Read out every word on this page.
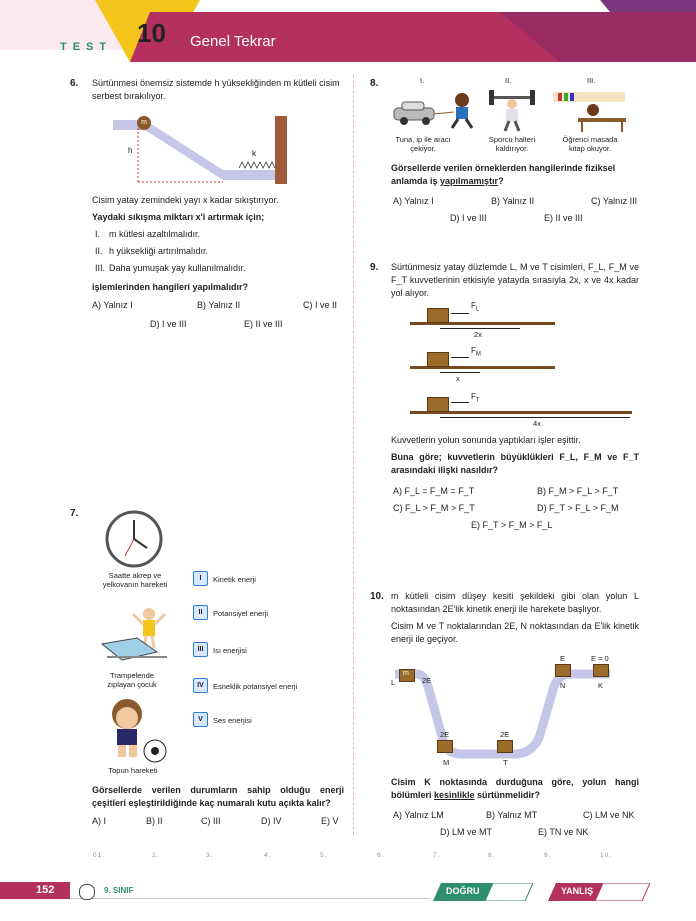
TEST 10 Genel Tekrar
6. Sürtünmesi önemsiz sistemde h yüksekliğinden m kütleli cisim serbest bırakılıyor.
m
h	k
Cisim yatay zemindeki yayı x kadar sıkıştırıyor.
Yaydaki sıkışma miktarı x'i artırmak için;
I. m kütlesi azaltılmalıdır.
II. h yüksekliği artırılmalıdır.
III. Daha yumuşak yay kullanılmalıdır.
işlemlerinden hangileri yapılmalıdır?
A) Yalnız I	B) Yalnız II	C) I ve II
D) I ve III	E) II ve III
7.
Saatte akrep ve yelkovanın hareketi
Trampelende zıplayan çocuk
Topun hareketi
I	Kinetik enerji
II	Potansiyel enerji
III	Isı enerjisi
IV	Esneklik potansiyel enerji
V	Ses enerjisi
Görsellerde verilen durumların sahip olduğu enerji çeşitleri eşleştirildiğinde kaç numaralı kutu açıkta kalır?
A) I	B) II	C) III	D) IV	E) V
8.	I.	II.	III.
Tuna, ip ile aracı çekiyor.
Sporcu halteri kaldırıyor.
Öğrenci masada kitap okuyor.
Görsellerde verilen örneklerden hangilerinde fiziksel anlamda iş yapılmamıştır?
A) Yalnız I	B) Yalnız II	C) Yalnız III
D) I ve III	E) II ve III
9. Sürtünmesiz yatay düzlemde L, M ve T cisimleri, F_L, F_M ve F_T kuvvetlerinin etkisiyle yatayda sırasıyla 2x, x ve 4x kadar yol alıyor.
$F_L$
2x
$F_M$
x
$F_T$
4x
Kuvvetlerin yolun sonunda yaptıkları işler eşittir.
Buna göre; kuvvetlerin büyüklükleri F_L, F_M ve F_T arasındaki ilişki nasıldır?
A) F_L = F_M = F_T	B) F_M > F_L > F_T
C) F_L > F_M > F_T	D) F_T > F_L > F_M
E) F_T > F_M > F_L
10. m kütleli cisim düşey kesiti şekildeki gibi olan yolun L noktasından 2E'lik kinetik enerji ile harekete başlıyor.
Cisim M ve T noktalarından 2E, N noktasından da E'lik kinetik enerji ile geçiyor.
m
L	2E
2E
M
2E
T
E
N
E = 0
K
Cisim K noktasında durduğuna göre, yolun hangi bölümleri kesinlikle sürtünmelidir?
A) Yalnız LM	B) Yalnız MT	C) LM ve NK
D) LM ve MT	E) TN ve NK
01.	2.	3.	4.	5.	6.	7.	8.	9.	10.
152	9. SINIF	DOĞRU	YANLIŞ
